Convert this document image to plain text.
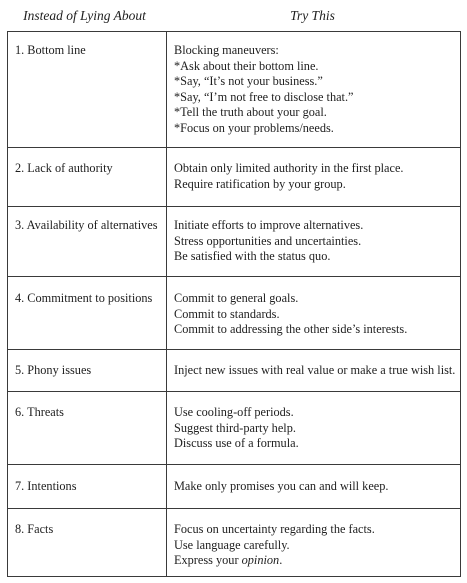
Instead of Lying About	Try This
1. Bottom line	Blocking maneuvers:
*Ask about their bottom line.
*Say, “It’s not your business.”
*Say, “I’m not free to disclose that.”
*Tell the truth about your goal.
*Focus on your problems/needs.
2. Lack of authority	Obtain only limited authority in the first place.
Require ratification by your group.
3. Availability of alternatives	Initiate efforts to improve alternatives.
Stress opportunities and uncertainties.
Be satisfied with the status quo.
4. Commitment to positions	Commit to general goals.
Commit to standards.
Commit to addressing the other side’s interests.
5. Phony issues	Inject new issues with real value or make a true wish list.
6. Threats	Use cooling-off periods.
Suggest third-party help.
Discuss use of a formula.
7. Intentions	Make only promises you can and will keep.
8. Facts	Focus on uncertainty regarding the facts.
Use language carefully.
Express your opinion.
